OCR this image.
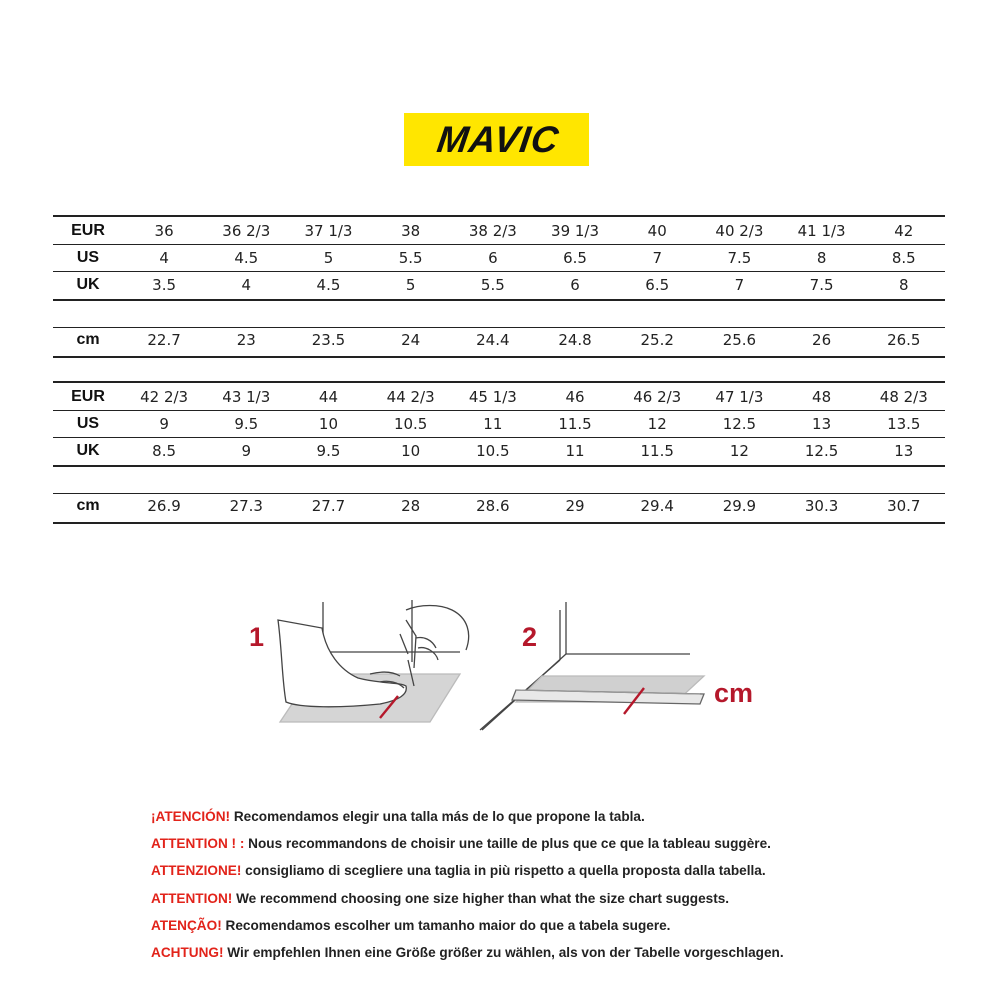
MAVIC
EUR	36	36 2/3	37 1/3	38	38 2/3	39 1/3	40	40 2/3	41 1/3	42
US	4	4.5	5	5.5	6	6.5	7	7.5	8	8.5
UK	3.5	4	4.5	5	5.5	6	6.5	7	7.5	8
cm	22.7	23	23.5	24	24.4	24.8	25.2	25.6	26	26.5
EUR	42 2/3	43 1/3	44	44 2/3	45 1/3	46	46 2/3	47 1/3	48	48 2/3
US	9	9.5	10	10.5	11	11.5	12	12.5	13	13.5
UK	8.5	9	9.5	10	10.5	11	11.5	12	12.5	13
cm	26.9	27.3	27.7	28	28.6	29	29.4	29.9	30.3	30.7
1	2
cm
¡ATENCIÓN! Recomendamos elegir una talla más de lo que propone la tabla.
ATTENTION ! : Nous recommandons de choisir une taille de plus que ce que la tableau suggère.
ATTENZIONE! consigliamo di scegliere una taglia in più rispetto a quella proposta dalla tabella.
ATTENTION! We recommend choosing one size higher than what the size chart suggests.
ATENÇÃO! Recomendamos escolher um tamanho maior do que a tabela sugere.
ACHTUNG! Wir empfehlen Ihnen eine Größe größer zu wählen, als von der Tabelle vorgeschlagen.
